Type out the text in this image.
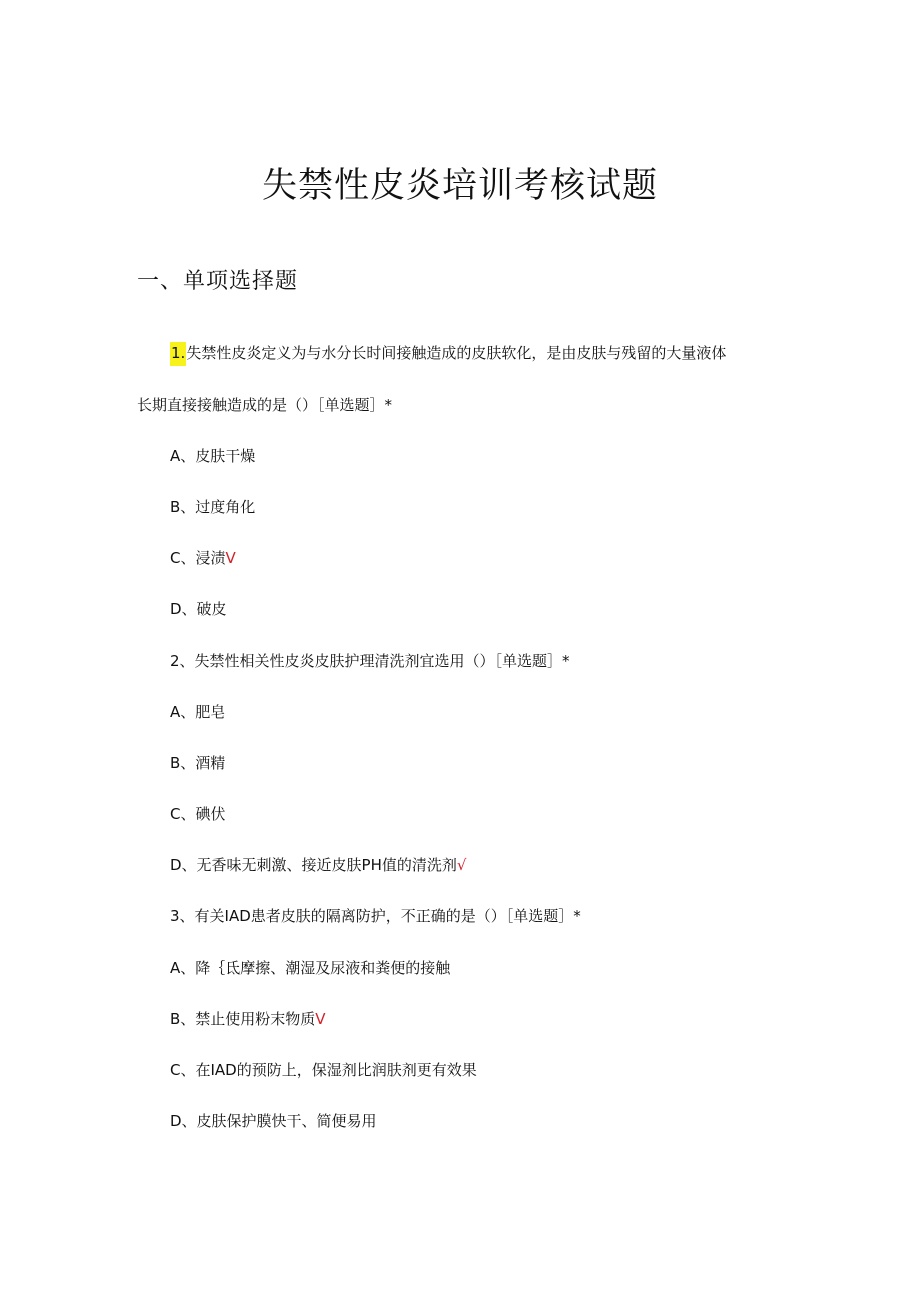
失禁性皮炎培训考核试题
一、单项选择题
1.失禁性皮炎定义为与水分长时间接触造成的皮肤软化，是由皮肤与残留的大量液体
长期直接接触造成的是（）［单选题］*
A、皮肤干燥
B、过度角化
C、浸渍V
D、破皮
2、失禁性相关性皮炎皮肤护理清洗剂宜选用（）［单选题］*
A、肥皂
B、酒精
C、碘伏
D、无香味无刺激、接近皮肤PH值的清洗剂√
3、有关IAD患者皮肤的隔离防护，不正确的是（）［单选题］*
A、降｛氐摩擦、潮湿及尿液和粪便的接触
B、禁止使用粉末物质V
C、在IAD的预防上，保湿剂比润肤剂更有效果
D、皮肤保护膜快干、简便易用
